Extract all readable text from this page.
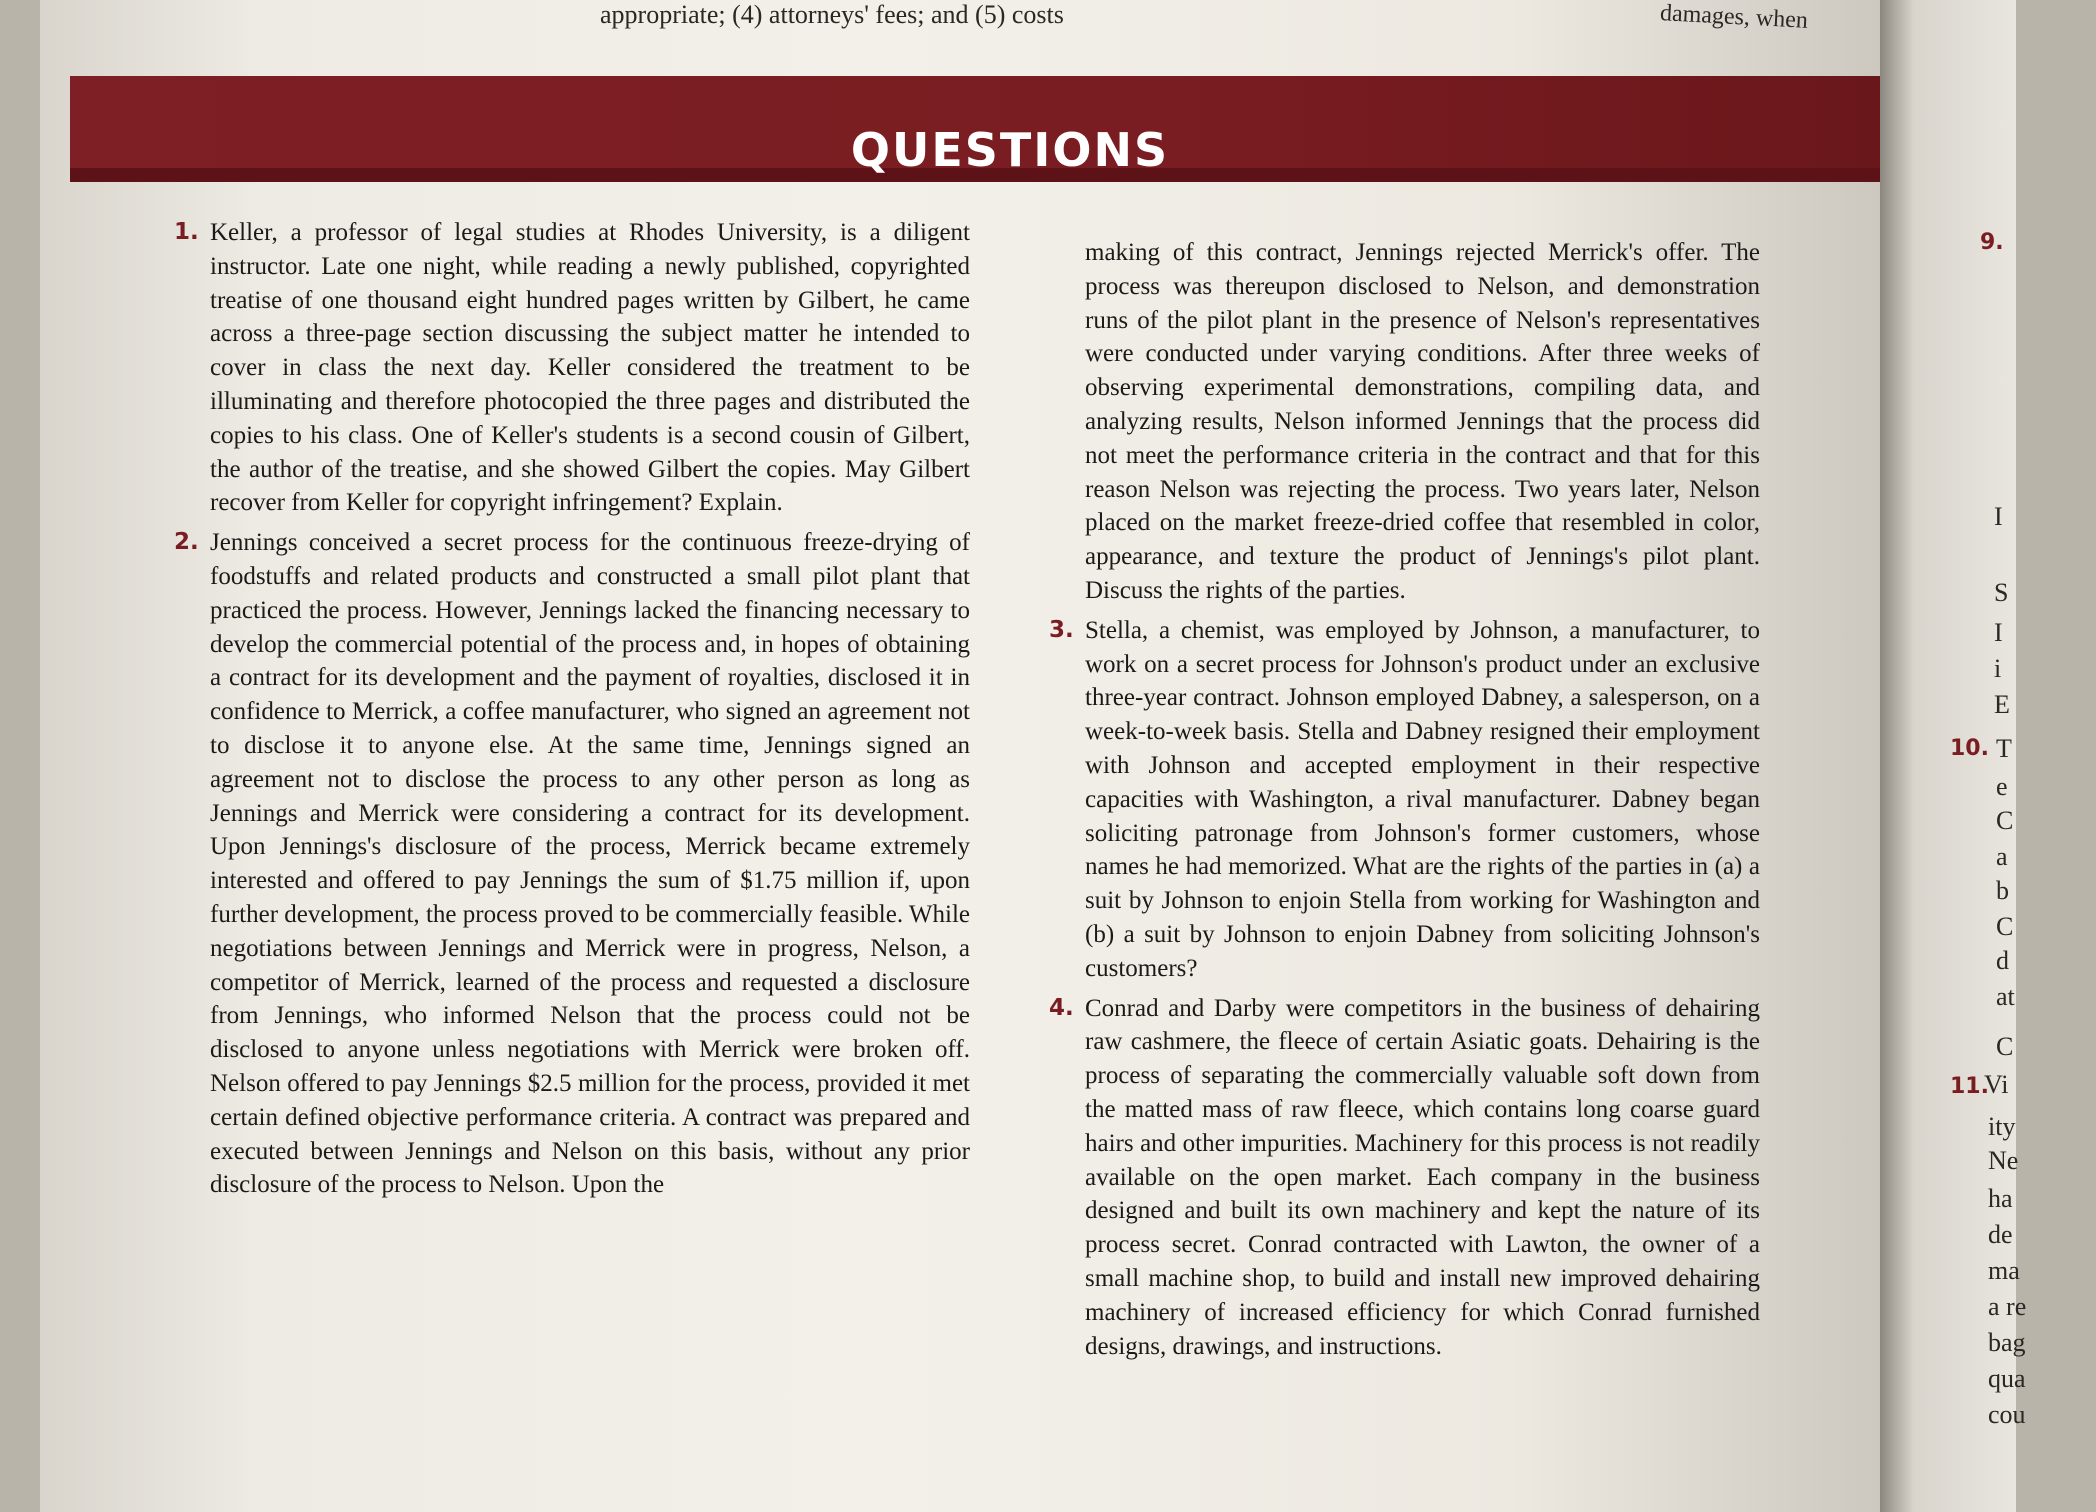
appropriate; (4) attorneys' fees; and (5) costs	damages, when
QUESTIONS

1. Keller, a professor of legal studies at Rhodes University, is a diligent instructor. Late one night, while reading a newly published, copyrighted treatise of one thousand eight hundred pages written by Gilbert, he came across a three-page section discussing the subject matter he intended to cover in class the next day. Keller considered the treatment to be illuminating and therefore photocopied the three pages and distributed the copies to his class. One of Keller's students is a second cousin of Gilbert, the author of the treatise, and she showed Gilbert the copies. May Gilbert recover from Keller for copyright infringement? Explain.

2. Jennings conceived a secret process for the continuous freeze-drying of foodstuffs and related products and constructed a small pilot plant that practiced the process. However, Jennings lacked the financing necessary to develop the commercial potential of the process and, in hopes of obtaining a contract for its development and the payment of royalties, disclosed it in confidence to Merrick, a coffee manufacturer, who signed an agreement not to disclose it to anyone else. At the same time, Jennings signed an agreement not to disclose the process to any other person as long as Jennings and Merrick were considering a contract for its development. Upon Jennings's disclosure of the process, Merrick became extremely interested and offered to pay Jennings the sum of $1.75 million if, upon further development, the process proved to be commercially feasible. While negotiations between Jennings and Merrick were in progress, Nelson, a competitor of Merrick, learned of the process and requested a disclosure from Jennings, who informed Nelson that the process could not be disclosed to anyone unless negotiations with Merrick were broken off. Nelson offered to pay Jennings $2.5 million for the process, provided it met certain defined objective performance criteria. A contract was prepared and executed between Jennings and Nelson on this basis, without any prior disclosure of the process to Nelson. Upon the

making of this contract, Jennings rejected Merrick's offer. The process was thereupon disclosed to Nelson, and demonstration runs of the pilot plant in the presence of Nelson's representatives were conducted under varying conditions. After three weeks of observing experimental demonstrations, compiling data, and analyzing results, Nelson informed Jennings that the process did not meet the performance criteria in the contract and that for this reason Nelson was rejecting the process. Two years later, Nelson placed on the market freeze-dried coffee that resembled in color, appearance, and texture the product of Jennings's pilot plant. Discuss the rights of the parties.

3. Stella, a chemist, was employed by Johnson, a manufacturer, to work on a secret process for Johnson's product under an exclusive three-year contract. Johnson employed Dabney, a salesperson, on a week-to-week basis. Stella and Dabney resigned their employment with Johnson and accepted employment in their respective capacities with Washington, a rival manufacturer. Dabney began soliciting patronage from Johnson's former customers, whose names he had memorized. What are the rights of the parties in (a) a suit by Johnson to enjoin Stella from working for Washington and (b) a suit by Johnson to enjoin Dabney from soliciting Johnson's customers?

4. Conrad and Darby were competitors in the business of dehairing raw cashmere, the fleece of certain Asiatic goats. Dehairing is the process of separating the commercially valuable soft down from the matted mass of raw fleece, which contains long coarse guard hairs and other impurities. Machinery for this process is not readily available on the open market. Each company in the business designed and built its own machinery and kept the nature of its process secret. Conrad contracted with Lawton, the owner of a small machine shop, to build and install new improved dehairing machinery of increased efficiency for which Conrad furnished designs, drawings, and instructions.

9.
10.
11.
I
S
I
i
E
T
e
C
a
b
C
d
at
C
Vi
ity
Ne
ha
de
ma
a re
bag
qua
cou
